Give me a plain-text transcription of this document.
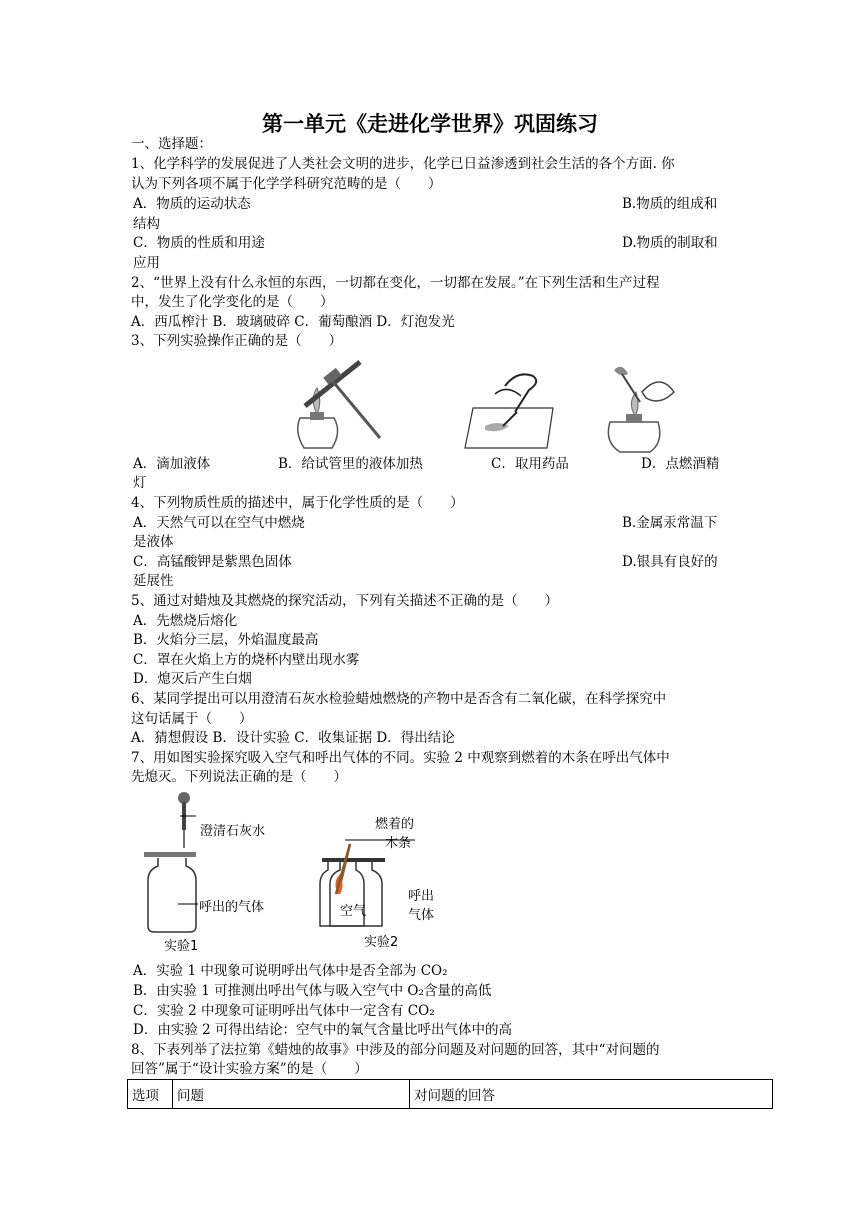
第一单元《走进化学世界》巩固练习
一、选择题：
1、化学科学的发展促进了人类社会文明的进步，化学已日益渗透到社会生活的各个方面. 你
认为下列各项不属于化学学科研究范畴的是（　　）
A．物质的运动状态	B.物质的组成和
结构
C．物质的性质和用途	D.物质的制取和
应用
2、“世界上没有什么永恒的东西，一切都在变化，一切都在发展。”在下列生活和生产过程
中，发生了化学变化的是（　　）
A．西瓜榨汁 B．玻璃破碎 C．葡萄酿酒 D．灯泡发光
3、下列实验操作正确的是（　　）
A．滴加液体	B．给试管里的液体加热	C．取用药品	D．点燃酒精
灯
4、下列物质性质的描述中，属于化学性质的是（　　）
A．天然气可以在空气中燃烧	B.金属汞常温下
是液体
C．高锰酸钾是紫黑色固体	D.银具有良好的
延展性
5、通过对蜡烛及其燃烧的探究活动，下列有关描述不正确的是（　　）
A．先燃烧后熔化
B．火焰分三层，外焰温度最高
C．罩在火焰上方的烧杯内壁出现水雾
D．熄灭后产生白烟
6、某同学提出可以用澄清石灰水检验蜡烛燃烧的产物中是否含有二氧化碳，在科学探究中
这句话属于（　　）
A．猜想假设 B．设计实验 C．收集证据 D．得出结论
7、用如图实验探究吸入空气和呼出气体的不同。实验 2 中观察到燃着的木条在呼出气体中
先熄灭。下列说法正确的是（　　）
澄清石灰水
呼出的气体
实验1
燃着的
木条
空气
呼出
气体
实验2
A．实验 1 中现象可说明呼出气体中是否全部为 CO₂
B．由实验 1 可推测出呼出气体与吸入空气中 O₂含量的高低
C．实验 2 中现象可证明呼出气体中一定含有 CO₂
D．由实验 2 可得出结论：空气中的氧气含量比呼出气体中的高
8、下表列举了法拉第《蜡烛的故事》中涉及的部分问题及对问题的回答，其中“对问题的
回答”属于“设计实验方案”的是（　　）
选项	问题	对问题的回答
